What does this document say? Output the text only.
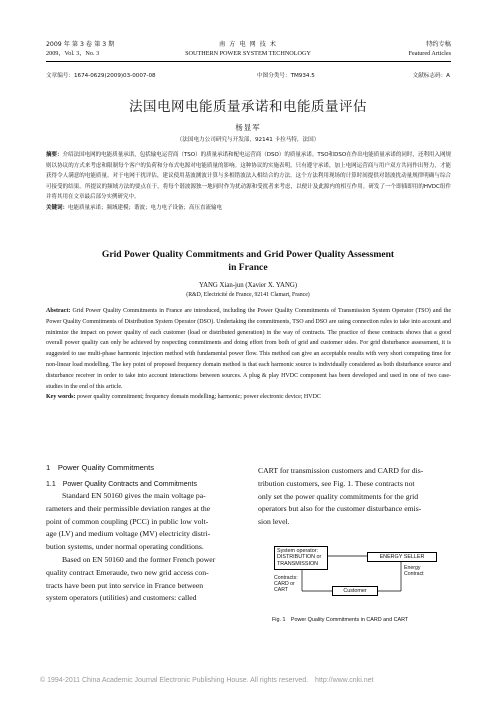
2009 年 第 3 卷 第 3 期	南 方 电 网 技 术	特约专稿
2009，Vol. 3，No. 3	SOUTHERN POWER SYSTEM TECHNOLOGY	Featured Articles
文章编号：1674-0629(2009)03-0007-08	中图分类号：TM934.5	文献标志码：A
法国电网电能质量承诺和电能质量评估
杨显军
（法国电力公司研究与开发部，92141 卡拉马特，法国）
摘要：介绍法国电网的电能质量承诺，包括输电运营商（TSO）的质量承诺和配电运营商（DSO）的质量承诺。TSO和DSO在作出电能质量承诺的同时，还利用入网规则以协议的方式来考虑和限制每个客户的负荷和分布式电源对电能质量的影响。这种协议的实施表明，只有遵守承诺，加上电网运营商与用户双方共同作出努力，才能获得令人满意的电能质量。对于电网干扰评估，建议使用基波测波计算与多相错波法入相结合的方法。这个方法利用现场的计算时间提供对谐波扰动量规律明确与综合可接受的结果。所提议的频域方法的要点在于，将每个谐波源独一地同时作为扰动源和受扰者来考虑，以便计及此源内的相互作用。研发了一个即插即用的HVDC组件并将其用在文章最后部分实例研究中。
关键词：电能质量承诺；频域建模；谐波；电力电子设备；高压直流输电
Grid Power Quality Commitments and Grid Power Quality Assessment
in France
YANG Xian-jun (Xavier X. YANG)
(R&D, Electricité de France, 92141 Clamart, France)
Abstract: Grid Power Quality Commitments in France are introduced, including the Power Quality Commitments of Transmission System Operator (TSO) and the Power Quality Commitments of Distribution System Operator (DSO). Undertaking the commitments, TSO and DSO are using connection rules to take into account and minimize the impact on power quality of each customer (load or distributed generation) in the way of contracts. The practice of these contracts shows that a good overall power quality can only be achieved by respecting commitments and doing effort from both of grid and customer sides. For grid disturbance assessment, it is suggested to use multi-phase harmonic injection method with fundamental power flow. This method can give an acceptable results with very short computing time for non-linear load modelling. The key point of proposed frequency domain method is that each harmonic source is individually considered as both disturbance source and disturbance receiver in order to take into account interactions between sources. A plug & play HVDC component has been developed and used in one of two case-studies in the end of this article.
Key words: power quality commitment; frequency domain modelling; harmonic; power electronic device; HVDC
1　Power Quality Commitments
1.1　Power Quality Contracts and Commitments
Standard EN 50160 gives the main voltage pa-
rameters and their permissible deviation ranges at the
point of common coupling (PCC) in public low volt-
age (LV) and medium voltage (MV) electricity distri-
bution systems, under normal operating conditions.
Based on EN 50160 and the former French power
quality contract Emeraude, two new grid access con-
tracts have been put into service in France between
system operators (utilities) and customers: called
CART for transmission customers and CARD for dis-
tribution customers, see Fig. 1. These contracts not
only set the power quality commitments for the grid
operators but also for the customer disturbance emis-
sion level.
System operator:
DISTRIBUTION or
TRANSMISSION
ENERGY SELLER
Customer
Contracts:
CARD or
CART
Energy
Contract
Fig. 1　Power Quality Commitments in CARD and CART
© 1994-2011 China Academic Journal Electronic Publishing House. All rights reserved.　http://www.cnki.net
